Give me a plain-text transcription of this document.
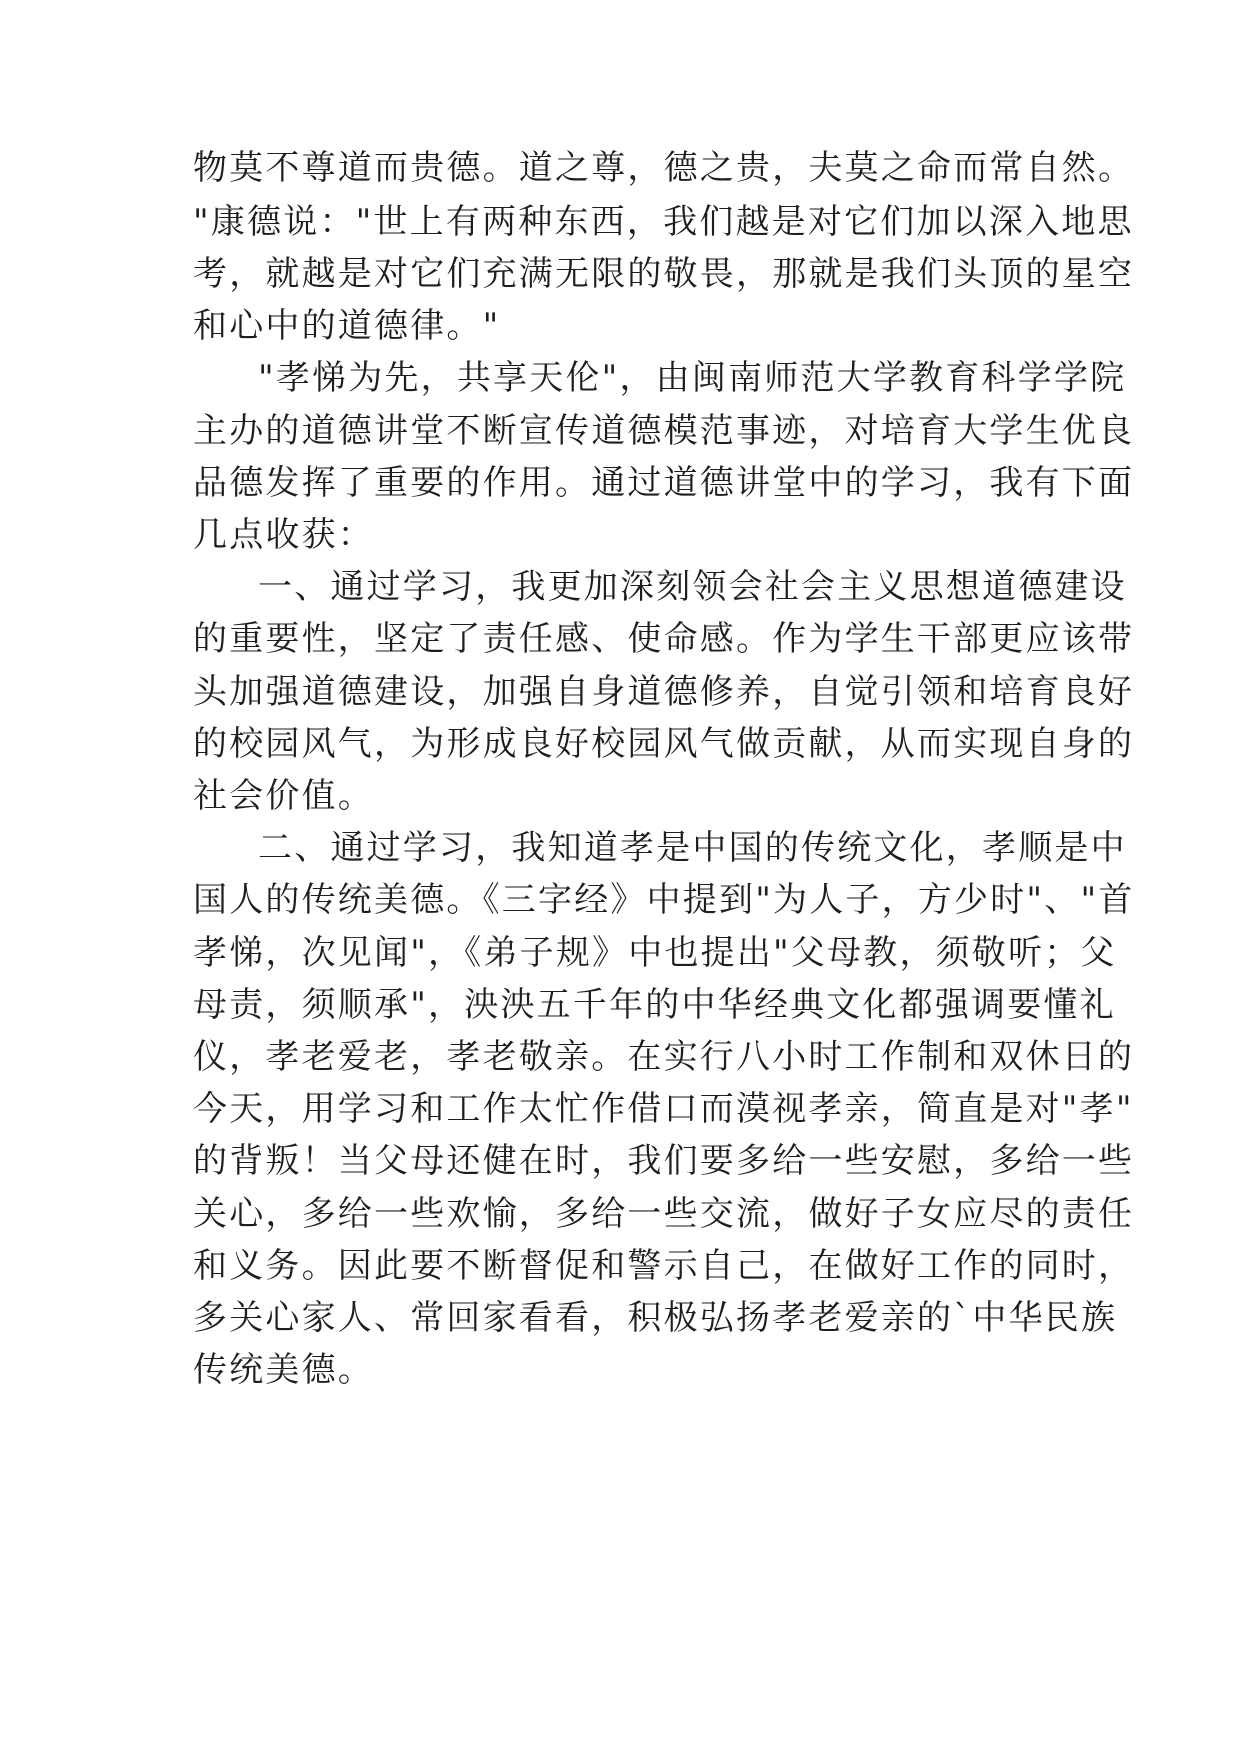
物莫不尊道而贵德。道之尊，德之贵，夫莫之命而常自然。
"康德说："世上有两种东西，我们越是对它们加以深入地思
考，就越是对它们充满无限的敬畏，那就是我们头顶的星空
和心中的道德律。"
"孝悌为先，共享天伦"，由闽南师范大学教育科学学院
主办的道德讲堂不断宣传道德模范事迹，对培育大学生优良
品德发挥了重要的作用。通过道德讲堂中的学习，我有下面
几点收获：
一、通过学习，我更加深刻领会社会主义思想道德建设
的重要性，坚定了责任感、使命感。作为学生干部更应该带
头加强道德建设，加强自身道德修养，自觉引领和培育良好
的校园风气，为形成良好校园风气做贡献，从而实现自身的
社会价值。
二、通过学习，我知道孝是中国的传统文化，孝顺是中
国人的传统美德。《三字经》中提到"为人子，方少时"、"首
孝悌，次见闻"，《弟子规》中也提出"父母教，须敬听；父
母责，须顺承"，泱泱五千年的中华经典文化都强调要懂礼
仪，孝老爱老，孝老敬亲。在实行八小时工作制和双休日的
今天，用学习和工作太忙作借口而漠视孝亲，简直是对"孝"
的背叛！当父母还健在时，我们要多给一些安慰，多给一些
关心，多给一些欢愉，多给一些交流，做好子女应尽的责任
和义务。因此要不断督促和警示自己，在做好工作的同时，
多关心家人、常回家看看，积极弘扬孝老爱亲的`中华民族
传统美德。
